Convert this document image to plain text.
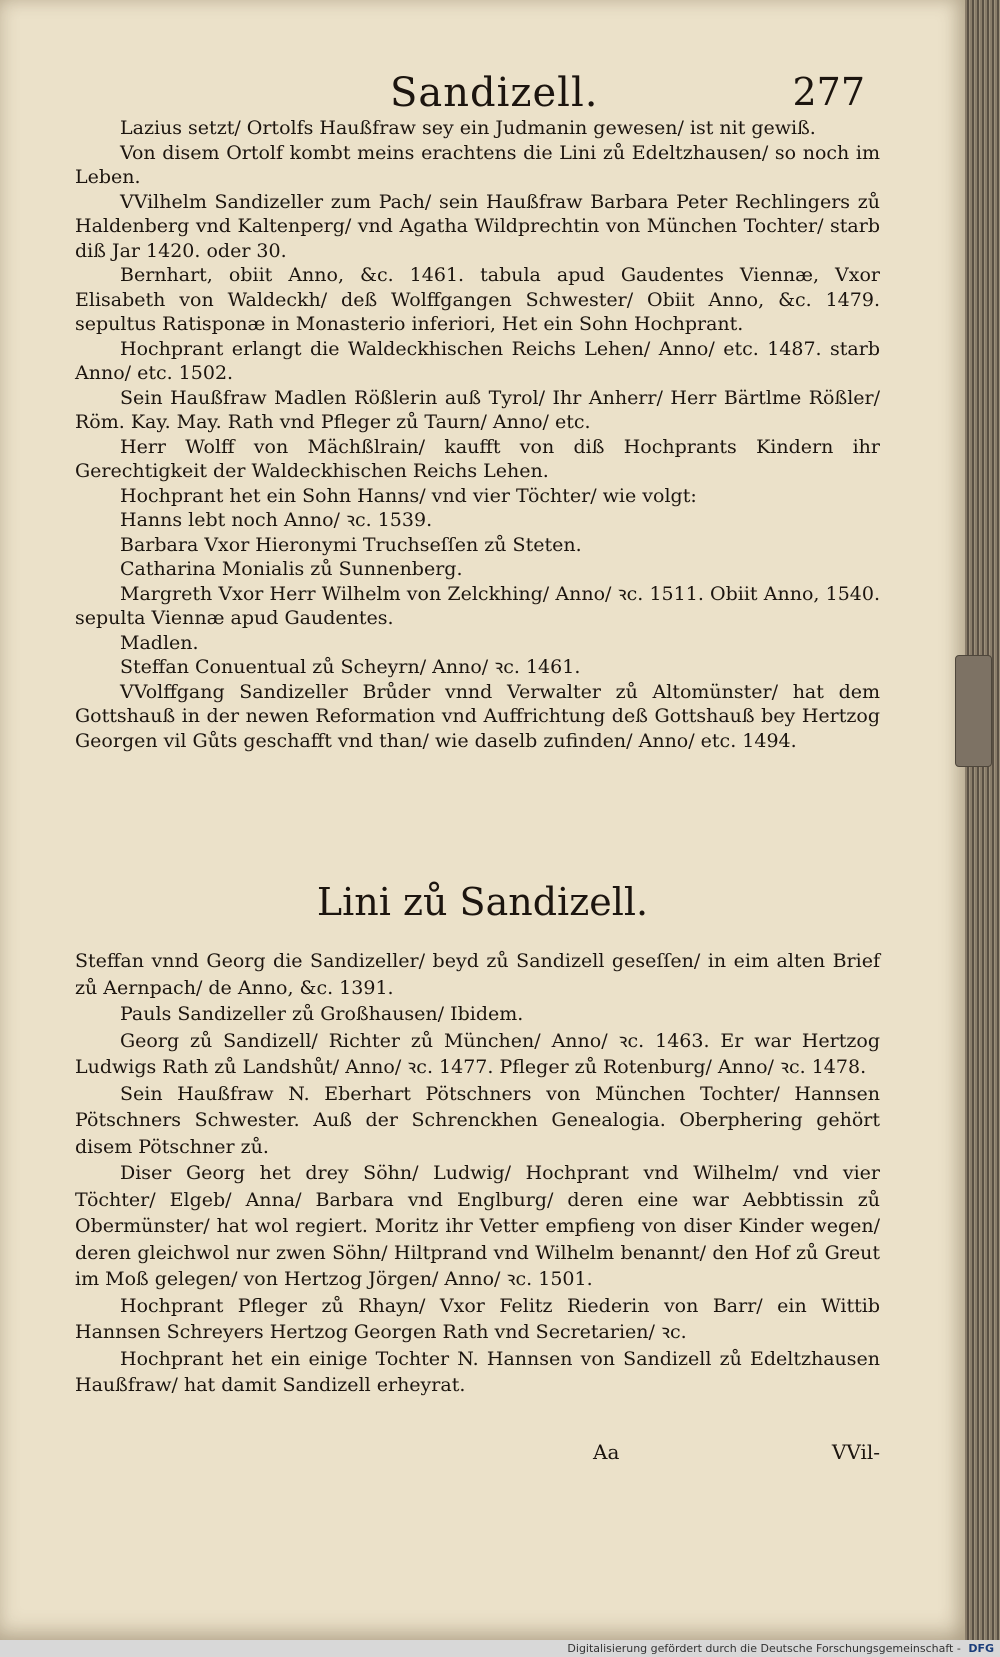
Sandizell.	277

Lazius setzt/ Ortolfs Haußfraw sey ein Judmanin gewesen/ ist nit gewiß.

Von disem Ortolf kombt meins erachtens die Lini zů Edeltzhausen/ so noch im Leben.

VVilhelm Sandizeller zum Pach/ sein Haußfraw Barbara Peter Rechlingers zů Haldenberg vnd Kaltenperg/ vnd Agatha Wildprechtin von München Tochter/ starb diß Jar 1420. oder 30.

Bernhart, obiit Anno, &c. 1461. tabula apud Gaudentes Viennæ, Vxor Elisabeth von Waldeckh/ deß Wolffgangen Schwester/ Obiit Anno, &c. 1479. sepultus Ratisponæ in Monasterio inferiori, Het ein Sohn Hochprant.

Hochprant erlangt die Waldeckhischen Reichs Lehen/ Anno/ etc. 1487. starb Anno/ etc. 1502.

Sein Haußfraw Madlen Rößlerin auß Tyrol/ Ihr Anherr/ Herr Bärtlme Rößler/ Röm. Kay. May. Rath vnd Pfleger zů Taurn/ Anno/ etc.

Herr Wolff von Mächßlrain/ kaufft von diß Hochprants Kindern ihr Gerechtigkeit der Waldeckhischen Reichs Lehen.

Hochprant het ein Sohn Hanns/ vnd vier Töchter/ wie volgt:

Hanns lebt noch Anno/ ꝛc. 1539.

Barbara Vxor Hieronymi Truchseſſen zů Steten.

Catharina Monialis zů Sunnenberg.

Margreth Vxor Herr Wilhelm von Zelckhing/ Anno/ ꝛc. 1511. Obiit Anno, 1540. sepulta Viennæ apud Gaudentes.

Madlen.

Steffan Conuentual zů Scheyrn/ Anno/ ꝛc. 1461.

VVolffgang Sandizeller Brůder vnnd Verwalter zů Altomünster/ hat dem Gottshauß in der newen Reformation vnd Auffrichtung deß Gottshauß bey Hertzog Georgen vil Gůts geschafft vnd than/ wie daselb zufinden/ Anno/ etc. 1494.

Lini zů Sandizell.

Steffan vnnd Georg die Sandizeller/ beyd zů Sandizell geseſſen/ in eim alten Brief zů Aernpach/ de Anno, &c. 1391.

Pauls Sandizeller zů Großhausen/ Ibidem.

Georg zů Sandizell/ Richter zů München/ Anno/ ꝛc. 1463. Er war Hertzog Ludwigs Rath zů Landshůt/ Anno/ ꝛc. 1477. Pfleger zů Rotenburg/ Anno/ ꝛc. 1478.

Sein Haußfraw N. Eberhart Pötschners von München Tochter/ Hannsen Pötschners Schwester. Auß der Schrenckhen Genealogia. Oberphering gehört disem Pötschner zů.

Diser Georg het drey Söhn/ Ludwig/ Hochprant vnd Wilhelm/ vnd vier Töchter/ Elgeb/ Anna/ Barbara vnd Englburg/ deren eine war Aebbtissin zů Obermünster/ hat wol regiert. Moritz ihr Vetter empfieng von diser Kinder wegen/ deren gleichwol nur zwen Söhn/ Hiltprand vnd Wilhelm benannt/ den Hof zů Greut im Moß gelegen/ von Hertzog Jörgen/ Anno/ ꝛc. 1501.

Hochprant Pfleger zů Rhayn/ Vxor Felitz Riederin von Barr/ ein Wittib Hannsen Schreyers Hertzog Georgen Rath vnd Secretarien/ ꝛc.

Hochprant het ein einige Tochter N. Hannsen von Sandizell zů Edeltzhausen Haußfraw/ hat damit Sandizell erheyrat.

Aa	VVil-
Digitalisierung gefördert durch die Deutsche Forschungsgemeinschaft - DFG
